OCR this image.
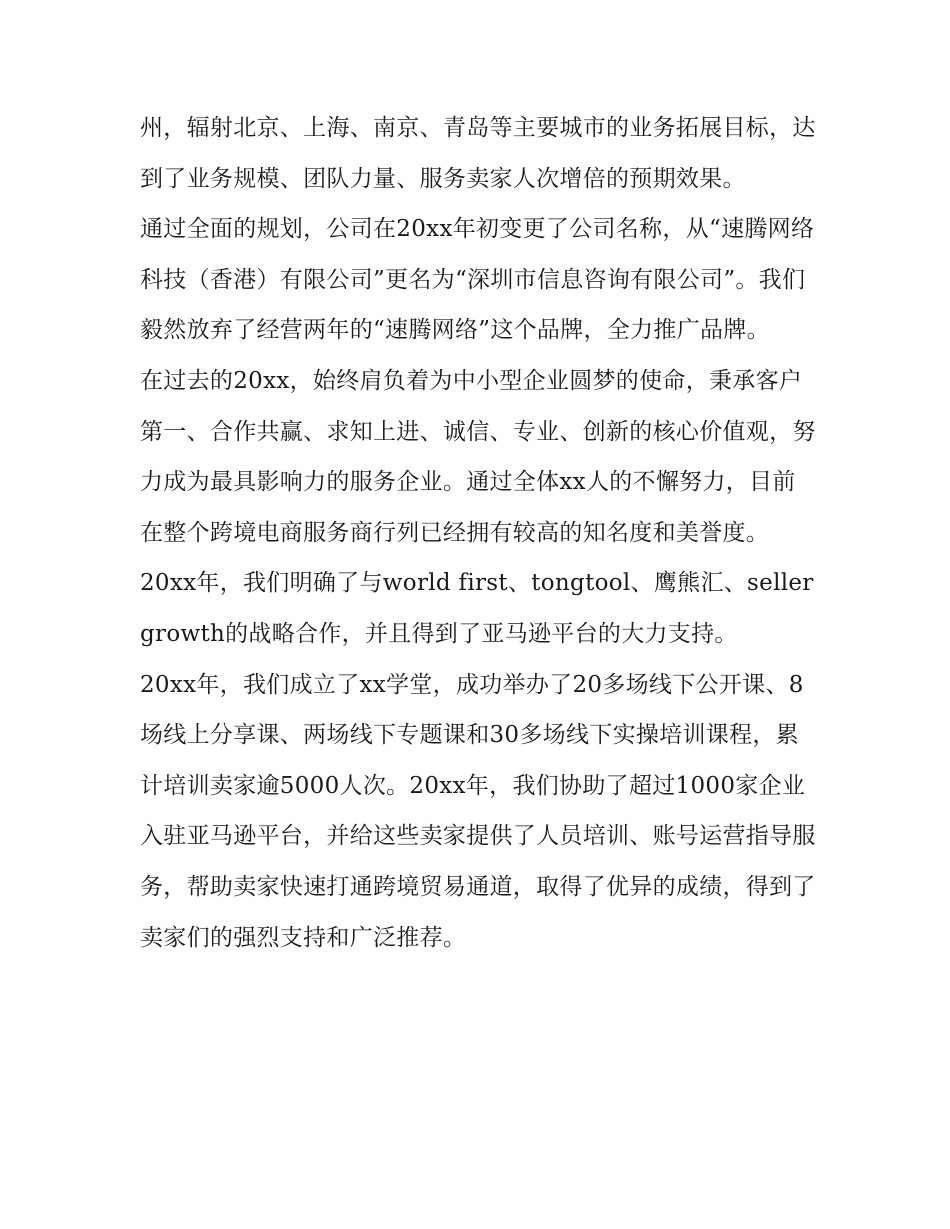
州，辐射北京、上海、南京、青岛等主要城市的业务拓展目标，达到了业务规模、团队力量、服务卖家人次增倍的预期效果。

通过全面的规划，公司在20xx年初变更了公司名称，从“速腾网络科技（香港）有限公司”更名为“深圳市信息咨询有限公司”。我们毅然放弃了经营两年的“速腾网络”这个品牌，全力推广品牌。

在过去的20xx，始终肩负着为中小型企业圆梦的使命，秉承客户第一、合作共赢、求知上进、诚信、专业、创新的核心价值观，努力成为最具影响力的服务企业。通过全体xx人的不懈努力，目前在整个跨境电商服务商行列已经拥有较高的知名度和美誉度。

20xx年，我们明确了与world first、tongtool、鹰熊汇、seller growth的战略合作，并且得到了亚马逊平台的大力支持。

20xx年，我们成立了xx学堂，成功举办了20多场线下公开课、8场线上分享课、两场线下专题课和30多场线下实操培训课程，累计培训卖家逾5000人次。20xx年，我们协助了超过1000家企业入驻亚马逊平台，并给这些卖家提供了人员培训、账号运营指导服务，帮助卖家快速打通跨境贸易通道，取得了优异的成绩，得到了卖家们的强烈支持和广泛推荐。
